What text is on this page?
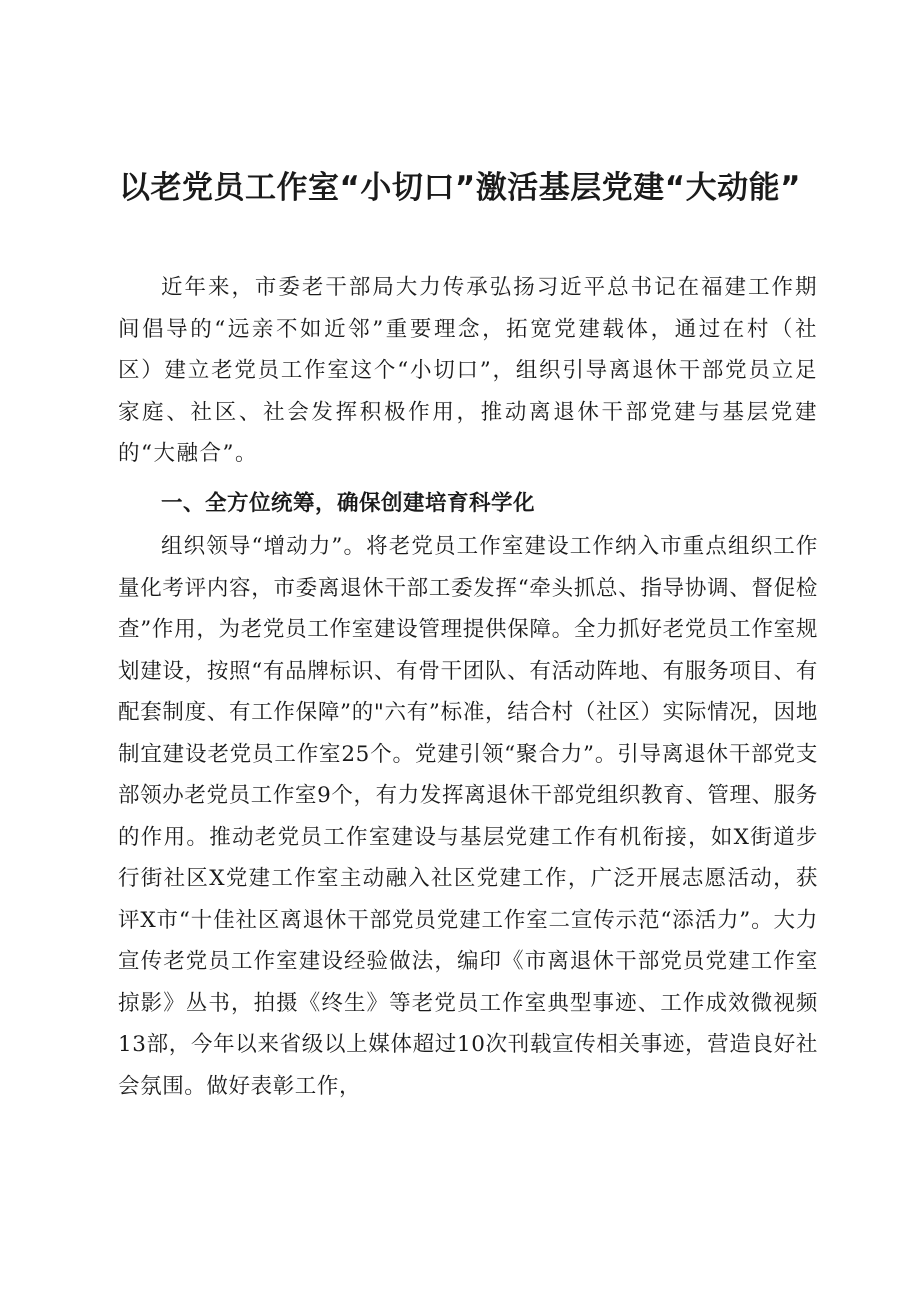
以老党员工作室“小切口”激活基层党建“大动能”

近年来，市委老干部局大力传承弘扬习近平总书记在福建工作期间倡导的“远亲不如近邻”重要理念，拓宽党建载体，通过在村（社区）建立老党员工作室这个“小切口”，组织引导离退休干部党员立足家庭、社区、社会发挥积极作用，推动离退休干部党建与基层党建的“大融合”。

一、全方位统筹，确保创建培育科学化

组织领导“增动力”。将老党员工作室建设工作纳入市重点组织工作量化考评内容，市委离退休干部工委发挥“牵头抓总、指导协调、督促检查”作用，为老党员工作室建设管理提供保障。全力抓好老党员工作室规划建设，按照“有品牌标识、有骨干团队、有活动阵地、有服务项目、有配套制度、有工作保障”的"六有”标准，结合村（社区）实际情况，因地制宜建设老党员工作室25个。党建引领“聚合力”。引导离退休干部党支部领办老党员工作室9个，有力发挥离退休干部党组织教育、管理、服务的作用。推动老党员工作室建设与基层党建工作有机衔接，如X街道步行街社区X党建工作室主动融入社区党建工作，广泛开展志愿活动，获评X市“十佳社区离退休干部党员党建工作室二宣传示范“添活力”。大力宣传老党员工作室建设经验做法，编印《市离退休干部党员党建工作室掠影》丛书，拍摄《终生》等老党员工作室典型事迹、工作成效微视频13部，今年以来省级以上媒体超过10次刊载宣传相关事迹，营造良好社会氛围。做好表彰工作，
